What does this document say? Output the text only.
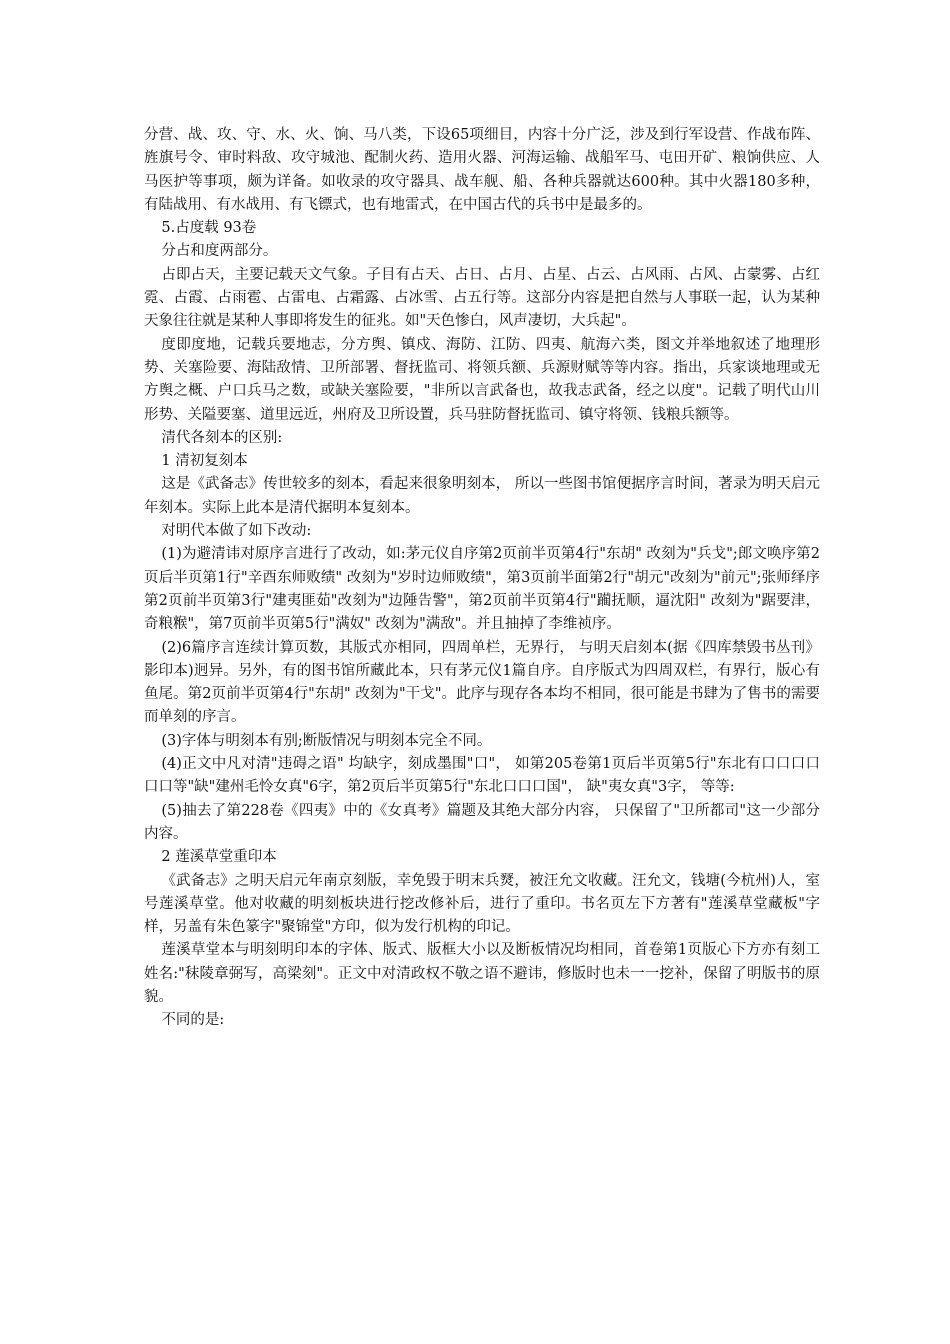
分营、战、攻、守、水、火、饷、马八类，下设65项细目，内容十分广泛，涉及到行军设营、作战布阵、旌旗号令、审时料敌、攻守城池、配制火药、造用火器、河海运输、战船军马、屯田开矿、粮饷供应、人马医护等事项，颇为详备。如收录的攻守器具、战车舰、船、各种兵器就达600种。其中火器180多种，有陆战用、有水战用、有飞镖式，也有地雷式，在中国古代的兵书中是最多的。

5.占度载 93卷

分占和度两部分。

占即占天，主要记载天文气象。子目有占天、占日、占月、占星、占云、占风雨、占风、占蒙雾、占红霓、占霞、占雨雹、占雷电、占霜露、占冰雪、占五行等。这部分内容是把自然与人事联一起，认为某种天象往往就是某种人事即将发生的征兆。如"天色惨白，风声凄切，大兵起"。

度即度地，记载兵要地志，分方舆、镇戍、海防、江防、四夷、航海六类，图文并举地叙述了地理形势、关塞险要、海陆敌情、卫所部署、督抚监司、将领兵额、兵源财赋等等内容。指出，兵家谈地理或无方舆之概、户口兵马之数，或缺关塞险要，"非所以言武备也，故我志武备，经之以度"。记载了明代山川形势、关隘要塞、道里远近，州府及卫所设置，兵马驻防督抚监司、镇守将领、钱粮兵额等。

清代各刻本的区别:

1 清初复刻本

这是《武备志》传世较多的刻本，看起来很象明刻本， 所以一些图书馆便据序言时间，著录为明天启元年刻本。实际上此本是清代据明本复刻本。

对明代本做了如下改动:

(1)为避清讳对原序言进行了改动，如:茅元仪自序第2页前半页第4行"东胡" 改刻为"兵戈";郎文唤序第2页后半页第1行"辛酉东师败绩" 改刻为"岁时边师败绩"，第3页前半面第2行"胡元"改刻为"前元";张师绎序第2页前半页第3行"建夷匪茹"改刻为"边陲告警"，第2页前半页第4行"躏抚顺，逼沈阳" 改刻为"踞要津，奇粮糇"，第7页前半页第5行"满奴" 改刻为"满敌"。并且抽掉了李维祯序。

(2)6篇序言连续计算页数，其版式亦相同，四周单栏，无界行， 与明天启刻本(据《四库禁毁书丛刊》影印本)迥异。另外，有的图书馆所藏此本，只有茅元仪1篇自序。自序版式为四周双栏，有界行，版心有鱼尾。第2页前半页第4行"东胡" 改刻为"干戈"。此序与现存各本均不相同，很可能是书肆为了售书的需要而单刻的序言。

(3)字体与明刻本有别;断版情况与明刻本完全不同。

(4)正文中凡对清"违碍之语" 均缺字，刻成墨围"口"， 如第205卷第1页后半页第5行"东北有口口口口口口等"缺"建州毛怜女真"6字，第2页后半页第5行"东北口口口国"， 缺"夷女真"3字， 等等:

(5)抽去了第228卷《四夷》中的《女真考》篇题及其绝大部分内容， 只保留了"卫所都司"这一少部分内容。

2 莲溪草堂重印本

《武备志》之明天启元年南京刻版，幸免毁于明末兵燹，被汪允文收藏。汪允文，钱塘(今杭州)人，室号莲溪草堂。他对收藏的明刻板块进行挖改修补后，进行了重印。书名页左下方著有"莲溪草堂藏板"字样，另盖有朱色篆字"聚锦堂"方印，似为发行机构的印记。

莲溪草堂本与明刻明印本的字体、版式、版框大小以及断板情况均相同，首卷第1页版心下方亦有刻工姓名:"秣陵章弼写，高梁刻"。正文中对清政权不敬之语不避讳，修版时也未一一挖补，保留了明版书的原貌。

不同的是:
